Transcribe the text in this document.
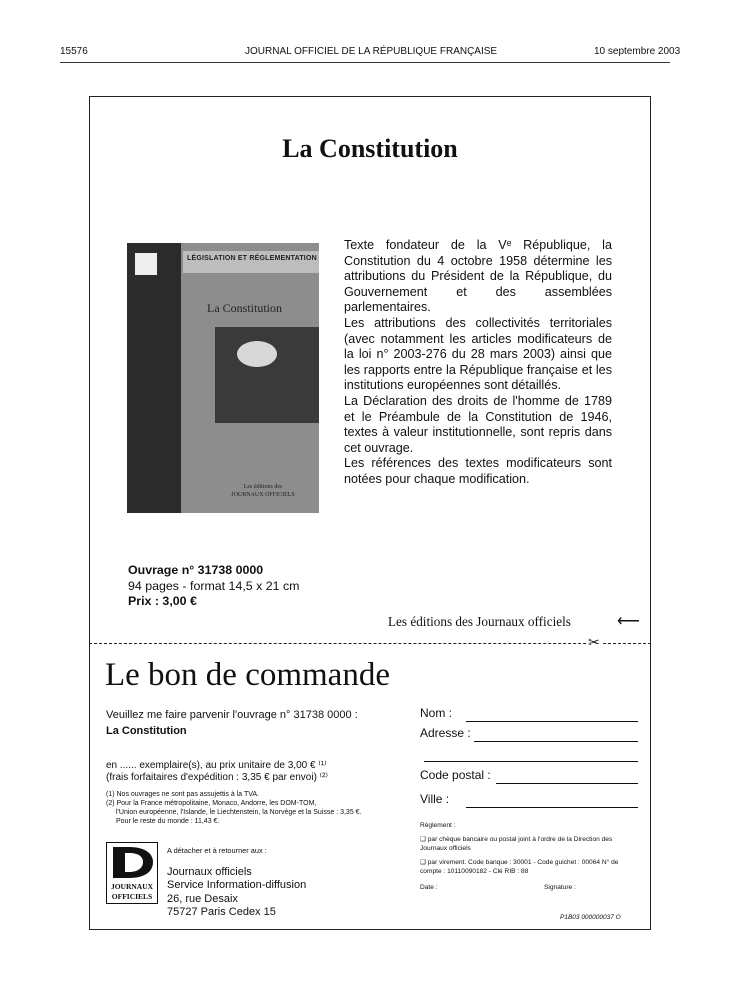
15576	JOURNAL OFFICIEL DE LA RÉPUBLIQUE FRANÇAISE	10 septembre 2003
La Constitution
LÉGISLATION ET RÉGLEMENTATION
La Constitution
Les éditions des
JOURNAUX OFFICIELS

Texte fondateur de la Vᵉ République, la Constitution du 4 octobre 1958 détermine les attributions du Président de la République, du Gouvernement et des assemblées parlementaires.

Les attributions des collectivités territoriales (avec notamment les articles modificateurs de la loi n° 2003-276 du 28 mars 2003) ainsi que les rapports entre la République française et les institutions européennes sont détaillés.

La Déclaration des droits de l'homme de 1789 et le Préambule de la Constitution de 1946, textes à valeur institutionnelle, sont repris dans cet ouvrage.

Les références des textes modificateurs sont notées pour chaque modification.

Ouvrage n° 31738 0000
94 pages - format 14,5 x 21 cm
Prix : 3,00 €
Les éditions des Journaux officiels	⟵
✂
Le bon de commande
Veuillez me faire parvenir l'ouvrage n° 31738 0000 :
La Constitution
en ...... exemplaire(s), au prix unitaire de 3,00 € ⁽¹⁾
(frais forfaitaires d'expédition : 3,35 € par envoi) ⁽²⁾
(1) Nos ouvrages ne sont pas assujettis à la TVA.
(2) Pour la France métropolitaine, Monaco, Andorre, les DOM-TOM,
l'Union européenne, l'Islande, le Liechtenstein, la Norvège et la Suisse : 3,35 €.
Pour le reste du monde : 11,43 €.
JOURNAUX
OFFICIELS
A détacher et à retourner aux :
Journaux officiels
Service Information-diffusion
26, rue Desaix
75727 Paris Cedex 15
Nom :
Adresse :
Code postal :
Ville :
Règlement :
❑ par chèque bancaire ou postal joint à l'ordre de la Direction des Journaux officiels
❑ par virement. Code banque : 30001 - Code guichet : 00064 N° de compte : 10110090182 - Clé RIB : 88
Date :	Signature :
P1B03 000000037 O
